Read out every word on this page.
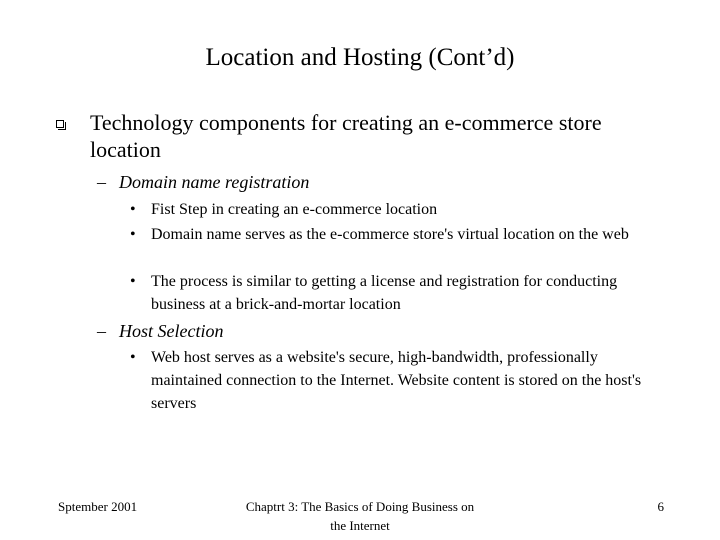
Location and Hosting (Cont’d)
Technology components for creating an e-commerce store location
– Domain name registration
• Fist Step in creating an e-commerce location
• Domain name serves as the e-commerce store's virtual location on the web
• The process is similar to getting a license and registration for conducting business at a brick-and-mortar location
– Host Selection
• Web host serves as a website's secure, high-bandwidth, professionally maintained connection to the Internet. Website content is stored on the host's servers
Sptember 2001	Chaptrt 3: The Basics of Doing Business on the Internet
6
